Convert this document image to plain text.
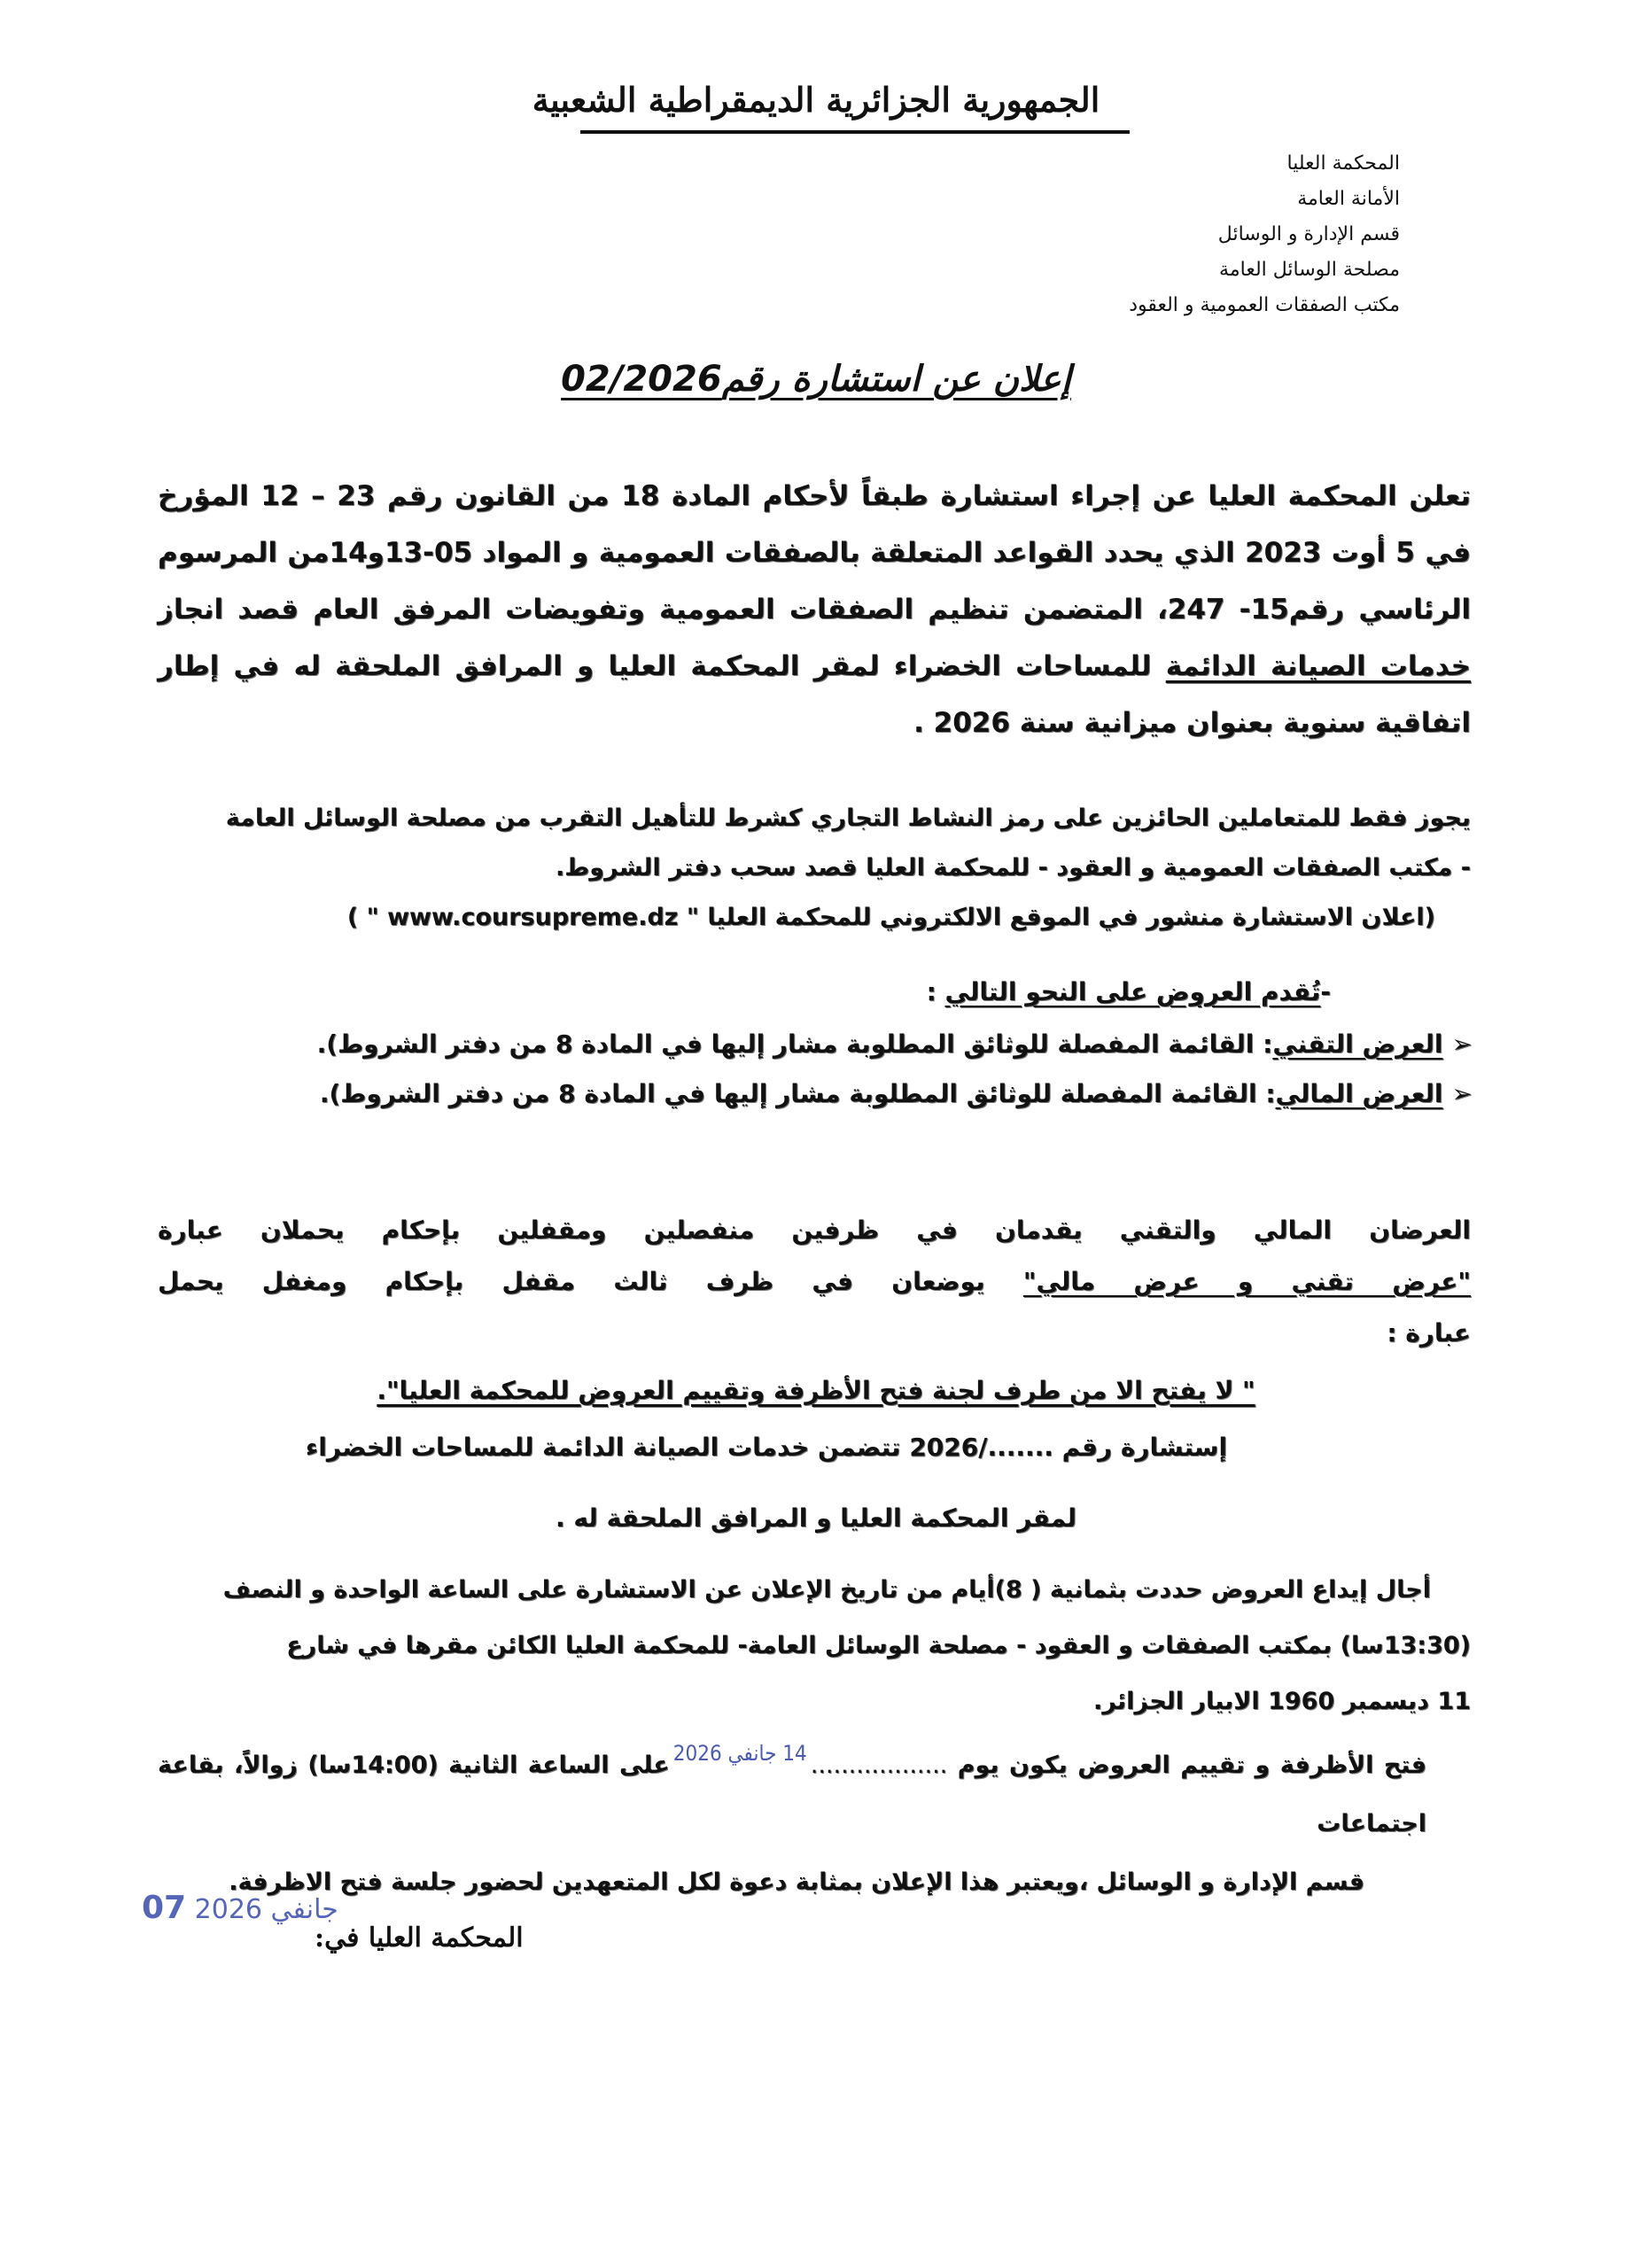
الجمهورية الجزائرية الديمقراطية الشعبية
المحكمة العليا
الأمانة العامة
قسم الإدارة و الوسائل
مصلحة الوسائل العامة
مكتب الصفقات العمومية و العقود
إعلان عن استشارة رقم02/2026
تعلن المحكمة العليا عن إجراء استشارة طبقاً لأحكام المادة 18 من القانون رقم 23 – 12 المؤرخ في 5 أوت 2023 الذي يحدد القواعد المتعلقة بالصفقات العمومية و المواد 05-13و14من المرسوم الرئاسي رقم15- 247، المتضمن تنظيم الصفقات العمومية وتفويضات المرفق العام قصد انجاز خدمات الصيانة الدائمة للمساحات الخضراء لمقر المحكمة العليا و المرافق الملحقة له في إطار اتفاقية سنوية بعنوان ميزانية سنة 2026 .
يجوز فقط للمتعاملين الحائزين على رمز النشاط التجاري كشرط للتأهيل التقرب من مصلحة الوسائل العامة
- مكتب الصفقات العمومية و العقود - للمحكمة العليا قصد سحب دفتر الشروط.
(اعلان الاستشارة منشور في الموقع الالكتروني للمحكمة العليا " www.coursupreme.dz " )
-تُقدم العروض على النحو التالي :
➢العرض التقني: القائمة المفصلة للوثائق المطلوبة مشار إليها في المادة 8 من دفتر الشروط).
➢العرض المالي: القائمة المفصلة للوثائق المطلوبة مشار إليها في المادة 8 من دفتر الشروط).
العرضان المالي والتقني يقدمان في ظرفين منفصلين ومقفلين بإحكام يحملان عبارة
"عرض تقني و عرض مالي" يوضعان في ظرف ثالث مقفل بإحكام ومغفل يحمل
عبارة :
" لا يفتح الا من طرف لجنة فتح الأظرفة وتقييم العروض للمحكمة العليا".
إستشارة رقم ......./2026 تتضمن خدمات الصيانة الدائمة للمساحات الخضراء
لمقر المحكمة العليا و المرافق الملحقة له .
أجال إيداع العروض حددت بثمانية ( 8)أيام من تاريخ الإعلان عن الاستشارة على الساعة الواحدة و النصف
(13:30سا) بمكتب الصفقات و العقود - مصلحة الوسائل العامة- للمحكمة العليا الكائن مقرها في شارع
11 ديسمبر 1960 الابيار الجزائر.
فتح الأظرفة و تقييم العروض يكون يوم ..................14 جانفي 2026على الساعة الثانية (14:00سا) زوالاً، بقاعة اجتماعات
قسم الإدارة و الوسائل ،ويعتبر هذا الإعلان بمثابة دعوة لكل المتعهدين لحضور جلسة فتح الاظرفة.
جانفي 2026 07
المحكمة العليا في:
